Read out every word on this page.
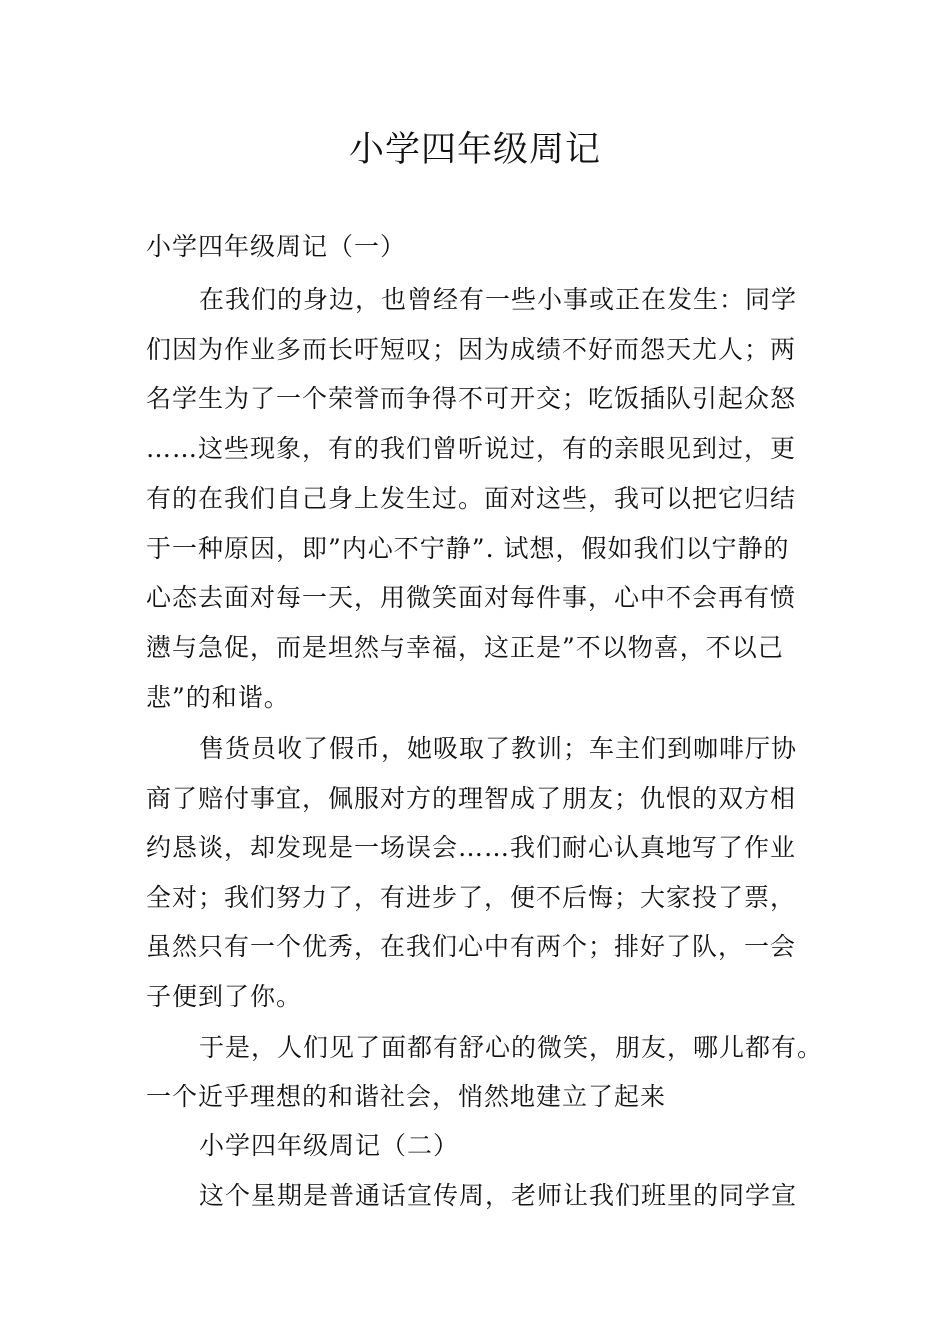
小学四年级周记
小学四年级周记（一）
在我们的身边，也曾经有一些小事或正在发生：同学
们因为作业多而长吁短叹；因为成绩不好而怨天尤人；两
名学生为了一个荣誉而争得不可开交；吃饭插队引起众怒
……这些现象，有的我们曾听说过，有的亲眼见到过，更
有的在我们自己身上发生过。面对这些，我可以把它归结
于一种原因，即”内心不宁静”. 试想，假如我们以宁静的
心态去面对每一天，用微笑面对每件事，心中不会再有愤
懑与急促，而是坦然与幸福，这正是”不以物喜，不以己
悲”的和谐。
售货员收了假币，她吸取了教训；车主们到咖啡厅协
商了赔付事宜，佩服对方的理智成了朋友；仇恨的双方相
约恳谈，却发现是一场误会……我们耐心认真地写了作业
全对；我们努力了，有进步了，便不后悔；大家投了票，
虽然只有一个优秀，在我们心中有两个；排好了队，一会
子便到了你。
于是，人们见了面都有舒心的微笑，朋友，哪儿都有。
一个近乎理想的和谐社会，悄然地建立了起来
小学四年级周记（二）
这个星期是普通话宣传周，老师让我们班里的同学宣
